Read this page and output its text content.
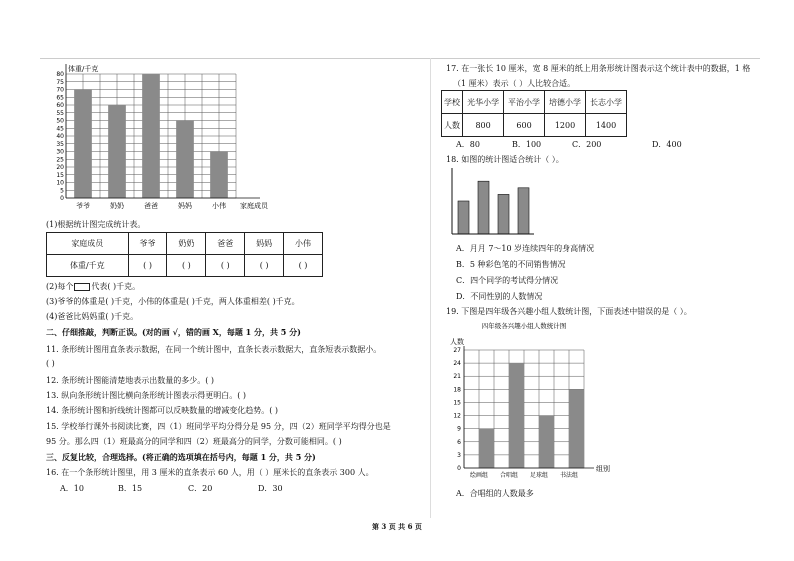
0
5
10
15
20
25
30
35
40
45
50
55
60
65
70
75
80
爷爷	奶奶	爸爸	妈妈	小伟
体重/千克
家庭成员
(1)根据统计图完成统计表。
家庭成员	爷爷	奶奶	爸爸	妈妈	小伟
体重/千克	( )	( )	( )	( )	( )
(2)每个 代表( )千克。
(3)爷爷的体重是( )千克，小伟的体重是( )千克，两人体重相差( )千克。
(4)爸爸比妈妈重( )千克。
二、仔细推敲，判断正误。(对的画 √，错的画 X，每题 1 分，共 5 分)
11. 条形统计图用直条表示数据，在同一个统计图中，直条长表示数据大，直条短表示数据小。
( )
12. 条形统计图能清楚地表示出数量的多少。( )
13. 纵向条形统计图比横向条形统计图表示得更明白。( )
14. 条形统计图和折线统计图都可以反映数量的增减变化趋势。( )
15. 学校举行课外书阅读比赛，四（1）班同学平均分得分是 95 分，四（2）班同学平均得分也是
95 分。那么四（1）班最高分的同学和四（2）班最高分的同学，分数可能相同。( )
三、反复比较，合理选择。(将正确的选项填在括号内，每题 1 分，共 5 分)
16. 在一个条形统计图里，用 3 厘米的直条表示 60 人，用（ ）厘米长的直条表示 300 人。
A．10	B．15	C．20	D．30
17. 在一张长 10 厘米，宽 8 厘米的纸上用条形统计图表示这个统计表中的数据，1 格
（1 厘米）表示（ ）人比较合适。
学校	光华小学	平治小学	培德小学	长志小学
人数	800	600	1200	1400
A．80	B．100	C．200	D．400
18. 如图的统计图适合统计（ ）。
A．月月 7～10 岁连续四年的身高情况
B．5 种彩色笔的不同销售情况
C．四个同学的考试得分情况
D．不同性别的人数情况
19. 下图是四年级各兴趣小组人数统计图，下面表述中错误的是（ ）。
四年级各兴趣小组人数统计图
人数
0
3
6
9
12
15
18
21
24
27
绘画组 合唱组 足球组 书法组
组别
A．合唱组的人数最多
第 3 页 共 6 页
